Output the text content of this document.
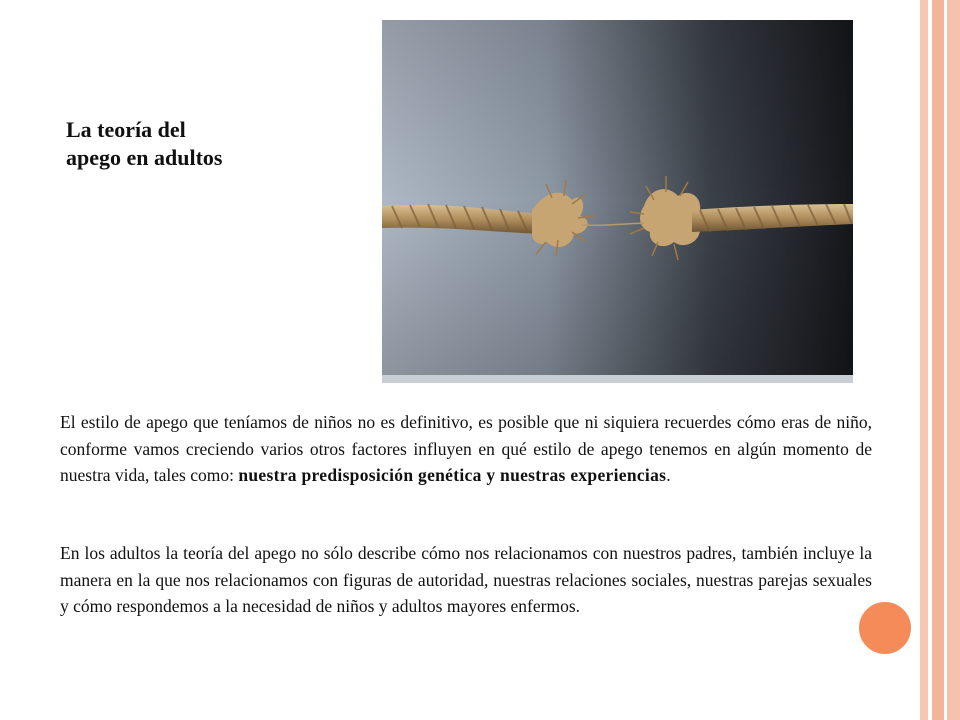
La teoría del
apego en adultos

El estilo de apego que teníamos de niños no es definitivo, es posible que ni siquiera recuerdes cómo eras de niño, conforme vamos creciendo varios otros factores influyen en qué estilo de apego tenemos en algún momento de nuestra vida, tales como: nuestra predisposición genética y nuestras experiencias.

En los adultos la teoría del apego no sólo describe cómo nos relacionamos con nuestros padres, también incluye la manera en la que nos relacionamos con figuras de autoridad, nuestras relaciones sociales, nuestras parejas sexuales y cómo respondemos a la necesidad de niños y adultos mayores enfermos.
